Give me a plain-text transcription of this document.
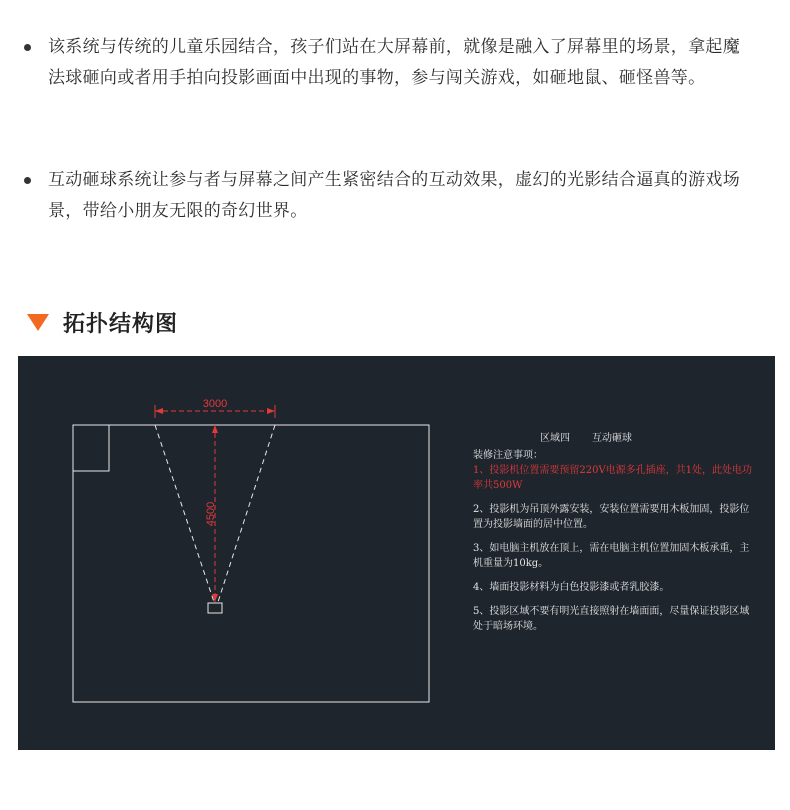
该系统与传统的儿童乐园结合，孩子们站在大屏幕前，就像是融入了屏幕里的场景，拿起魔法球砸向或者用手拍向投影画面中出现的事物，参与闯关游戏，如砸地鼠、砸怪兽等。

互动砸球系统让参与者与屏幕之间产生紧密结合的互动效果，虚幻的光影结合逼真的游戏场景，带给小朋友无限的奇幻世界。

拓扑结构图
3000
4500
区域四 互动砸球

装修注意事项：

1、投影机位置需要预留220V电源多孔插座，共1处，此处电功率共500W

2、投影机为吊顶外露安装，安装位置需要用木板加固，投影位置为投影墙面的居中位置。

3、如电脑主机放在顶上，需在电脑主机位置加固木板承重，主机重量为10kg。

4、墙面投影材料为白色投影漆或者乳胶漆。

5、投影区域不要有明光直接照射在墙面面，尽量保证投影区域处于暗场环境。
